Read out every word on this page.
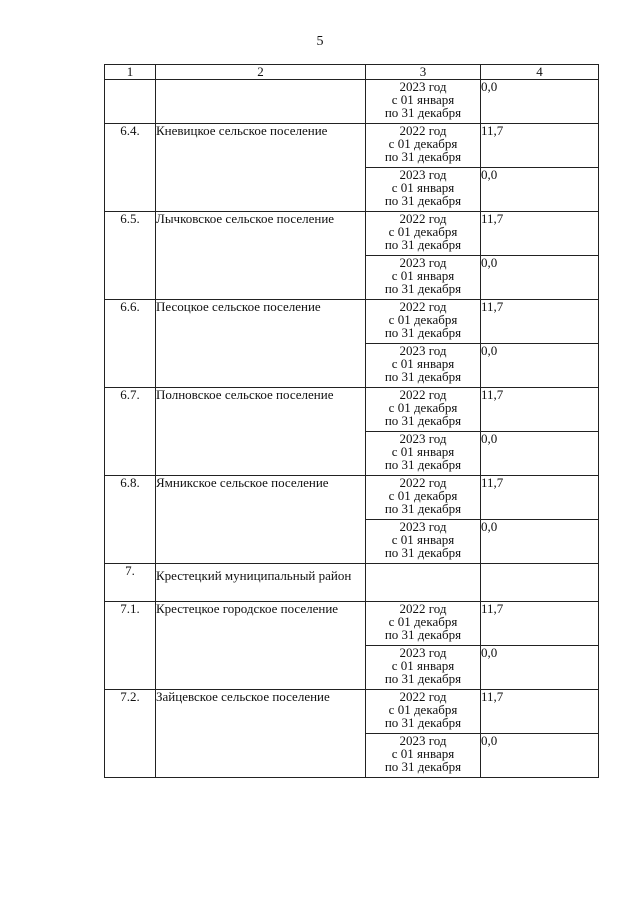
5
1	2	3	4

		2023 год
с 01 января
по 31 декабря	0,0
6.4.	Кневицкое сельское поселение	2022 год
с 01 декабря
по 31 декабря	11,7

		2023 год
с 01 января
по 31 декабря	0,0
6.5.	Лычковское сельское поселение	2022 год
с 01 декабря
по 31 декабря	11,7

		2023 год
с 01 января
по 31 декабря	0,0
6.6.	Песоцкое сельское поселение	2022 год
с 01 декабря
по 31 декабря	11,7

		2023 год
с 01 января
по 31 декабря	0,0
6.7.	Полновское сельское поселение	2022 год
с 01 декабря
по 31 декабря	11,7

		2023 год
с 01 января
по 31 декабря	0,0
6.8.	Ямникское сельское поселение	2022 год
с 01 декабря
по 31 декабря	11,7

		2023 год
с 01 января
по 31 декабря	0,0
7.	Крестецкий муниципальный район		
7.1.	Крестецкое городское поселение	2022 год
с 01 декабря
по 31 декабря	11,7

		2023 год
с 01 января
по 31 декабря	0,0
7.2.	Зайцевское сельское поселение	2022 год
с 01 декабря
по 31 декабря	11,7

		2023 год
с 01 января
по 31 декабря	0,0
